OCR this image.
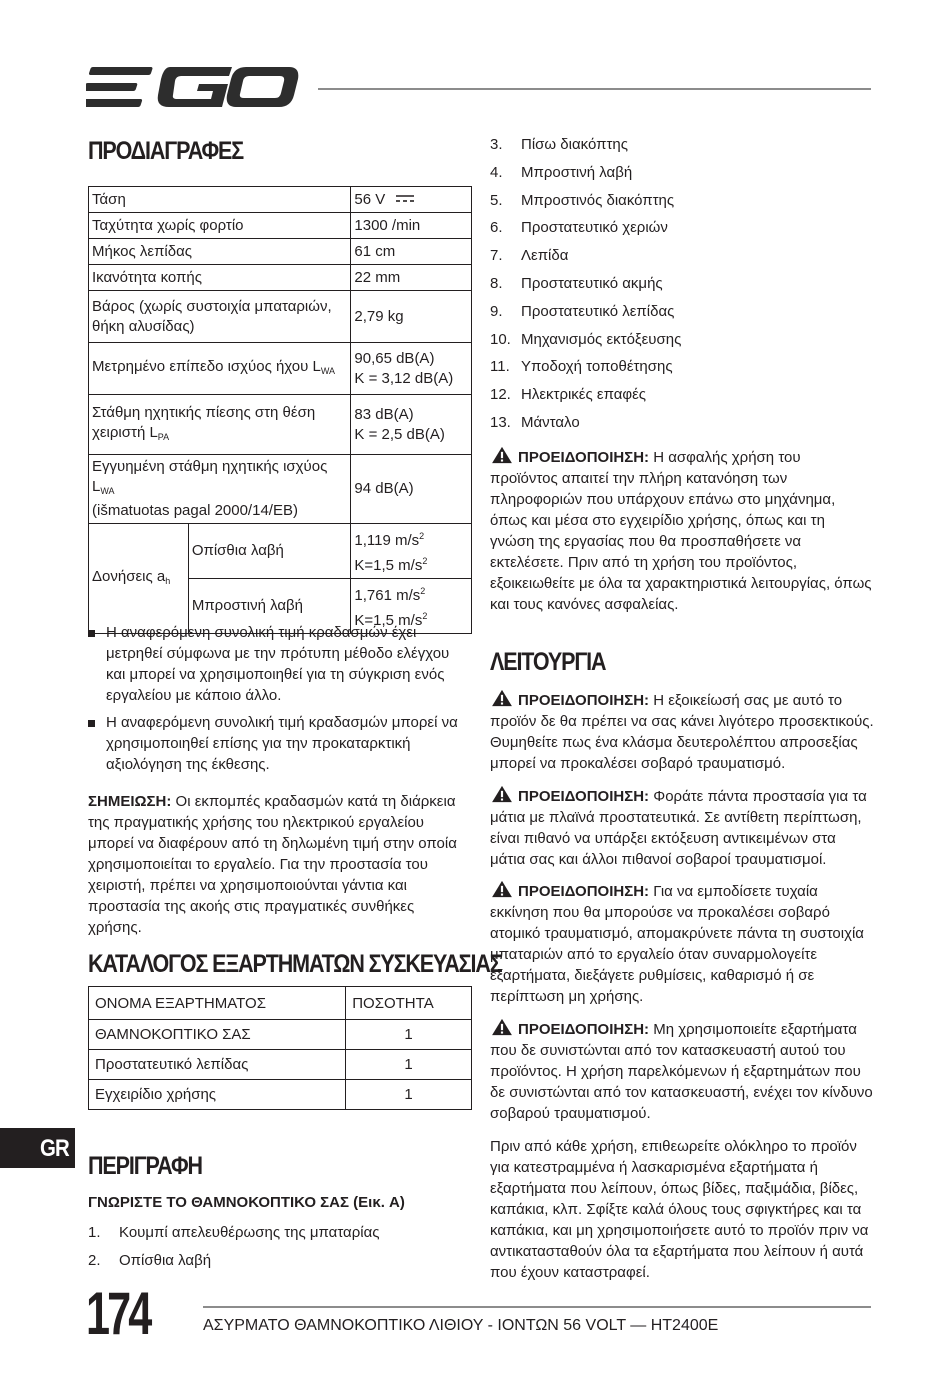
ΠΡΟΔΙΑΓΡΑΦΕΣ
Τάση		56 V
Ταχύτητα χωρίς φορτίο		1300 /min
Μήκος λεπίδας		61 cm
Ικανότητα κοπής		22 mm
Βάρος (χωρίς συστοιχία μπαταριών, θήκη αλυσίδας)		2,79 kg
Μετρημένο επίπεδο ισχύος ήχου $L_{WA}$		90,65 dB(A)
K = 3,12 dB(A)
Στάθμη ηχητικής πίεσης στη θέση χειριστή $L_{PA}$		83 dB(A)
K = 2,5 dB(A)
Εγγυημένη στάθμη ηχητικής ισχύος $L_{WA}$
(išmatuotas pagal 2000/14/EB)		94 dB(A)
Δονήσεις $a_h$	Οπίσθια λαβή	1,119 $m/s^2$
K=1,5 $m/s^2$
	Μπροστινή λαβή	1,761 $m/s^2$
K=1,5 $m/s^2$
Η αναφερόμενη συνολική τιμή κραδασμών έχει μετρηθεί σύμφωνα με την πρότυπη μέθοδο ελέγχου και μπορεί να χρησιμοποιηθεί για τη σύγκριση ενός εργαλείου με κάποιο άλλο.
Η αναφερόμενη συνολική τιμή κραδασμών μπορεί να χρησιμοποιηθεί επίσης για την προκαταρκτική αξιολόγηση της έκθεσης.
ΣΗΜΕΙΩΣΗ: Οι εκπομπές κραδασμών κατά τη διάρκεια της πραγματικής χρήσης του ηλεκτρικού εργαλείου μπορεί να διαφέρουν από τη δηλωμένη τιμή στην οποία χρησιμοποιείται το εργαλείο. Για την προστασία του χειριστή, πρέπει να χρησιμοποιούνται γάντια και προστασία της ακοής στις πραγματικές συνθήκες χρήσης.
ΚΑΤΑΛΟΓΟΣ ΕΞΑΡΤΗΜΑΤΩΝ ΣΥΣΚΕΥΑΣΙΑΣ
ΟΝΟΜΑ ΕΞΑΡΤΗΜΑΤΟΣ	ΠΟΣΟΤΗΤΑ
ΘΑΜΝΟΚΟΠΤΙΚΟ ΣΑΣ	1
Προστατευτικό λεπίδας	1
Εγχειρίδιο χρήσης	1
ΠΕΡΙΓΡΑΦΗ
ΓΝΩΡΙΣΤΕ ΤΟ ΘΑΜΝΟΚΟΠΤΙΚΟ ΣΑΣ (Εικ. A)
1.	Κουμπί απελευθέρωσης της μπαταρίας
2.	Οπίσθια λαβή
3.	Πίσω διακόπτης
4.	Μπροστινή λαβή
5.	Μπροστινός διακόπτης
6.	Προστατευτικό χεριών
7.	Λεπίδα
8.	Προστατευτικό ακμής
9.	Προστατευτικό λεπίδας
10. Μηχανισμός εκτόξευσης
11. Υποδοχή τοποθέτησης
12. Ηλεκτρικές επαφές
13. Μάνταλο
ΠΡΟΕΙΔΟΠΟΙΗΣΗ: Η ασφαλής χρήση του προϊόντος απαιτεί την πλήρη κατανόηση των πληροφοριών που υπάρχουν επάνω στο μηχάνημα, όπως και μέσα στο εγχειρίδιο χρήσης, όπως και τη γνώση της εργασίας που θα προσπαθήσετε να εκτελέσετε. Πριν από τη χρήση του προϊόντος, εξοικειωθείτε με όλα τα χαρακτηριστικά λειτουργίας, όπως και τους κανόνες ασφαλείας.
ΛΕΙΤΟΥΡΓΙΑ
ΠΡΟΕΙΔΟΠΟΙΗΣΗ: Η εξοικείωσή σας με αυτό το προϊόν δε θα πρέπει να σας κάνει λιγότερο προσεκτικούς. Θυμηθείτε πως ένα κλάσμα δευτερολέπτου απροσεξίας μπορεί να προκαλέσει σοβαρό τραυματισμό.
ΠΡΟΕΙΔΟΠΟΙΗΣΗ: Φοράτε πάντα προστασία για τα μάτια με πλαϊνά προστατευτικά. Σε αντίθετη περίπτωση, είναι πιθανό να υπάρξει εκτόξευση αντικειμένων στα μάτια σας και άλλοι πιθανοί σοβαροί τραυματισμοί.
ΠΡΟΕΙΔΟΠΟΙΗΣΗ: Για να εμποδίσετε τυχαία εκκίνηση που θα μπορούσε να προκαλέσει σοβαρό ατομικό τραυματισμό, απομακρύνετε πάντα τη συστοιχία μπαταριών από το εργαλείο όταν συναρμολογείτε εξαρτήματα, διεξάγετε ρυθμίσεις, καθαρισμό ή σε περίπτωση μη χρήσης.
ΠΡΟΕΙΔΟΠΟΙΗΣΗ: Μη χρησιμοποιείτε εξαρτήματα που δε συνιστώνται από τον κατασκευαστή αυτού του προϊόντος. Η χρήση παρελκόμενων ή εξαρτημάτων που δε συνιστώνται από τον κατασκευαστή, ενέχει τον κίνδυνο σοβαρού τραυματισμού.
Πριν από κάθε χρήση, επιθεωρείτε ολόκληρο το προϊόν για κατεστραμμένα ή λασκαρισμένα εξαρτήματα ή εξαρτήματα που λείπουν, όπως βίδες, παξιμάδια, βίδες, καπάκια, κλπ. Σφίξτε καλά όλους τους σφιγκτήρες και τα καπάκια, και μη χρησιμοποιήσετε αυτό το προϊόν πριν να αντικατασταθούν όλα τα εξαρτήματα που λείπουν ή αυτά που έχουν καταστραφεί.
GR
174	ΑΣΥΡΜΑΤΟ ΘΑΜΝΟΚΟΠΤΙΚΟ ΛΙΘΙΟΥ - ΙΟΝΤΩΝ 56 VOLT — HT2400E
